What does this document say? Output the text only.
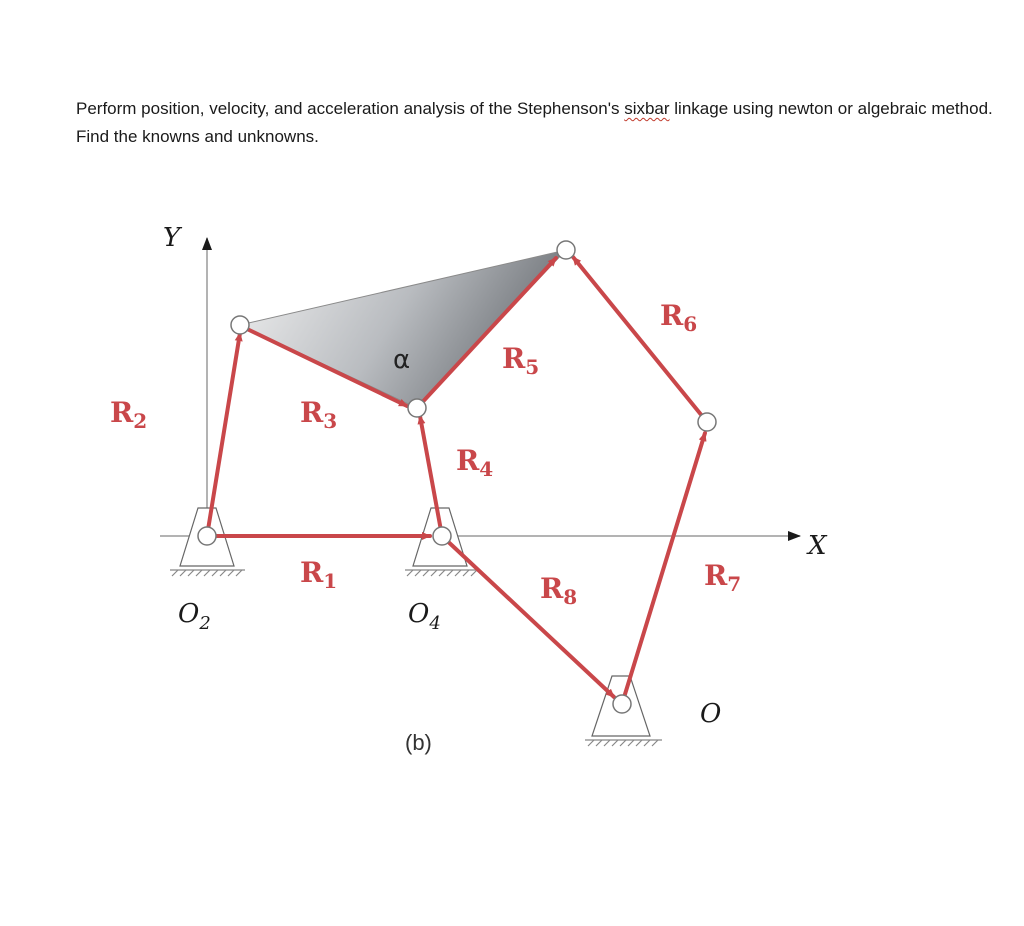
Perform position, velocity, and acceleration analysis of the Stephenson's sixbar linkage using newton or algebraic method. Find the knowns and unknowns.
Y
X
α
$R_2$	$R_3$
$R_4$
$R_5$
$R_6$
$R_7$
$R_8$
$R_1$
$O_2$	$O_4$
O
(b)
